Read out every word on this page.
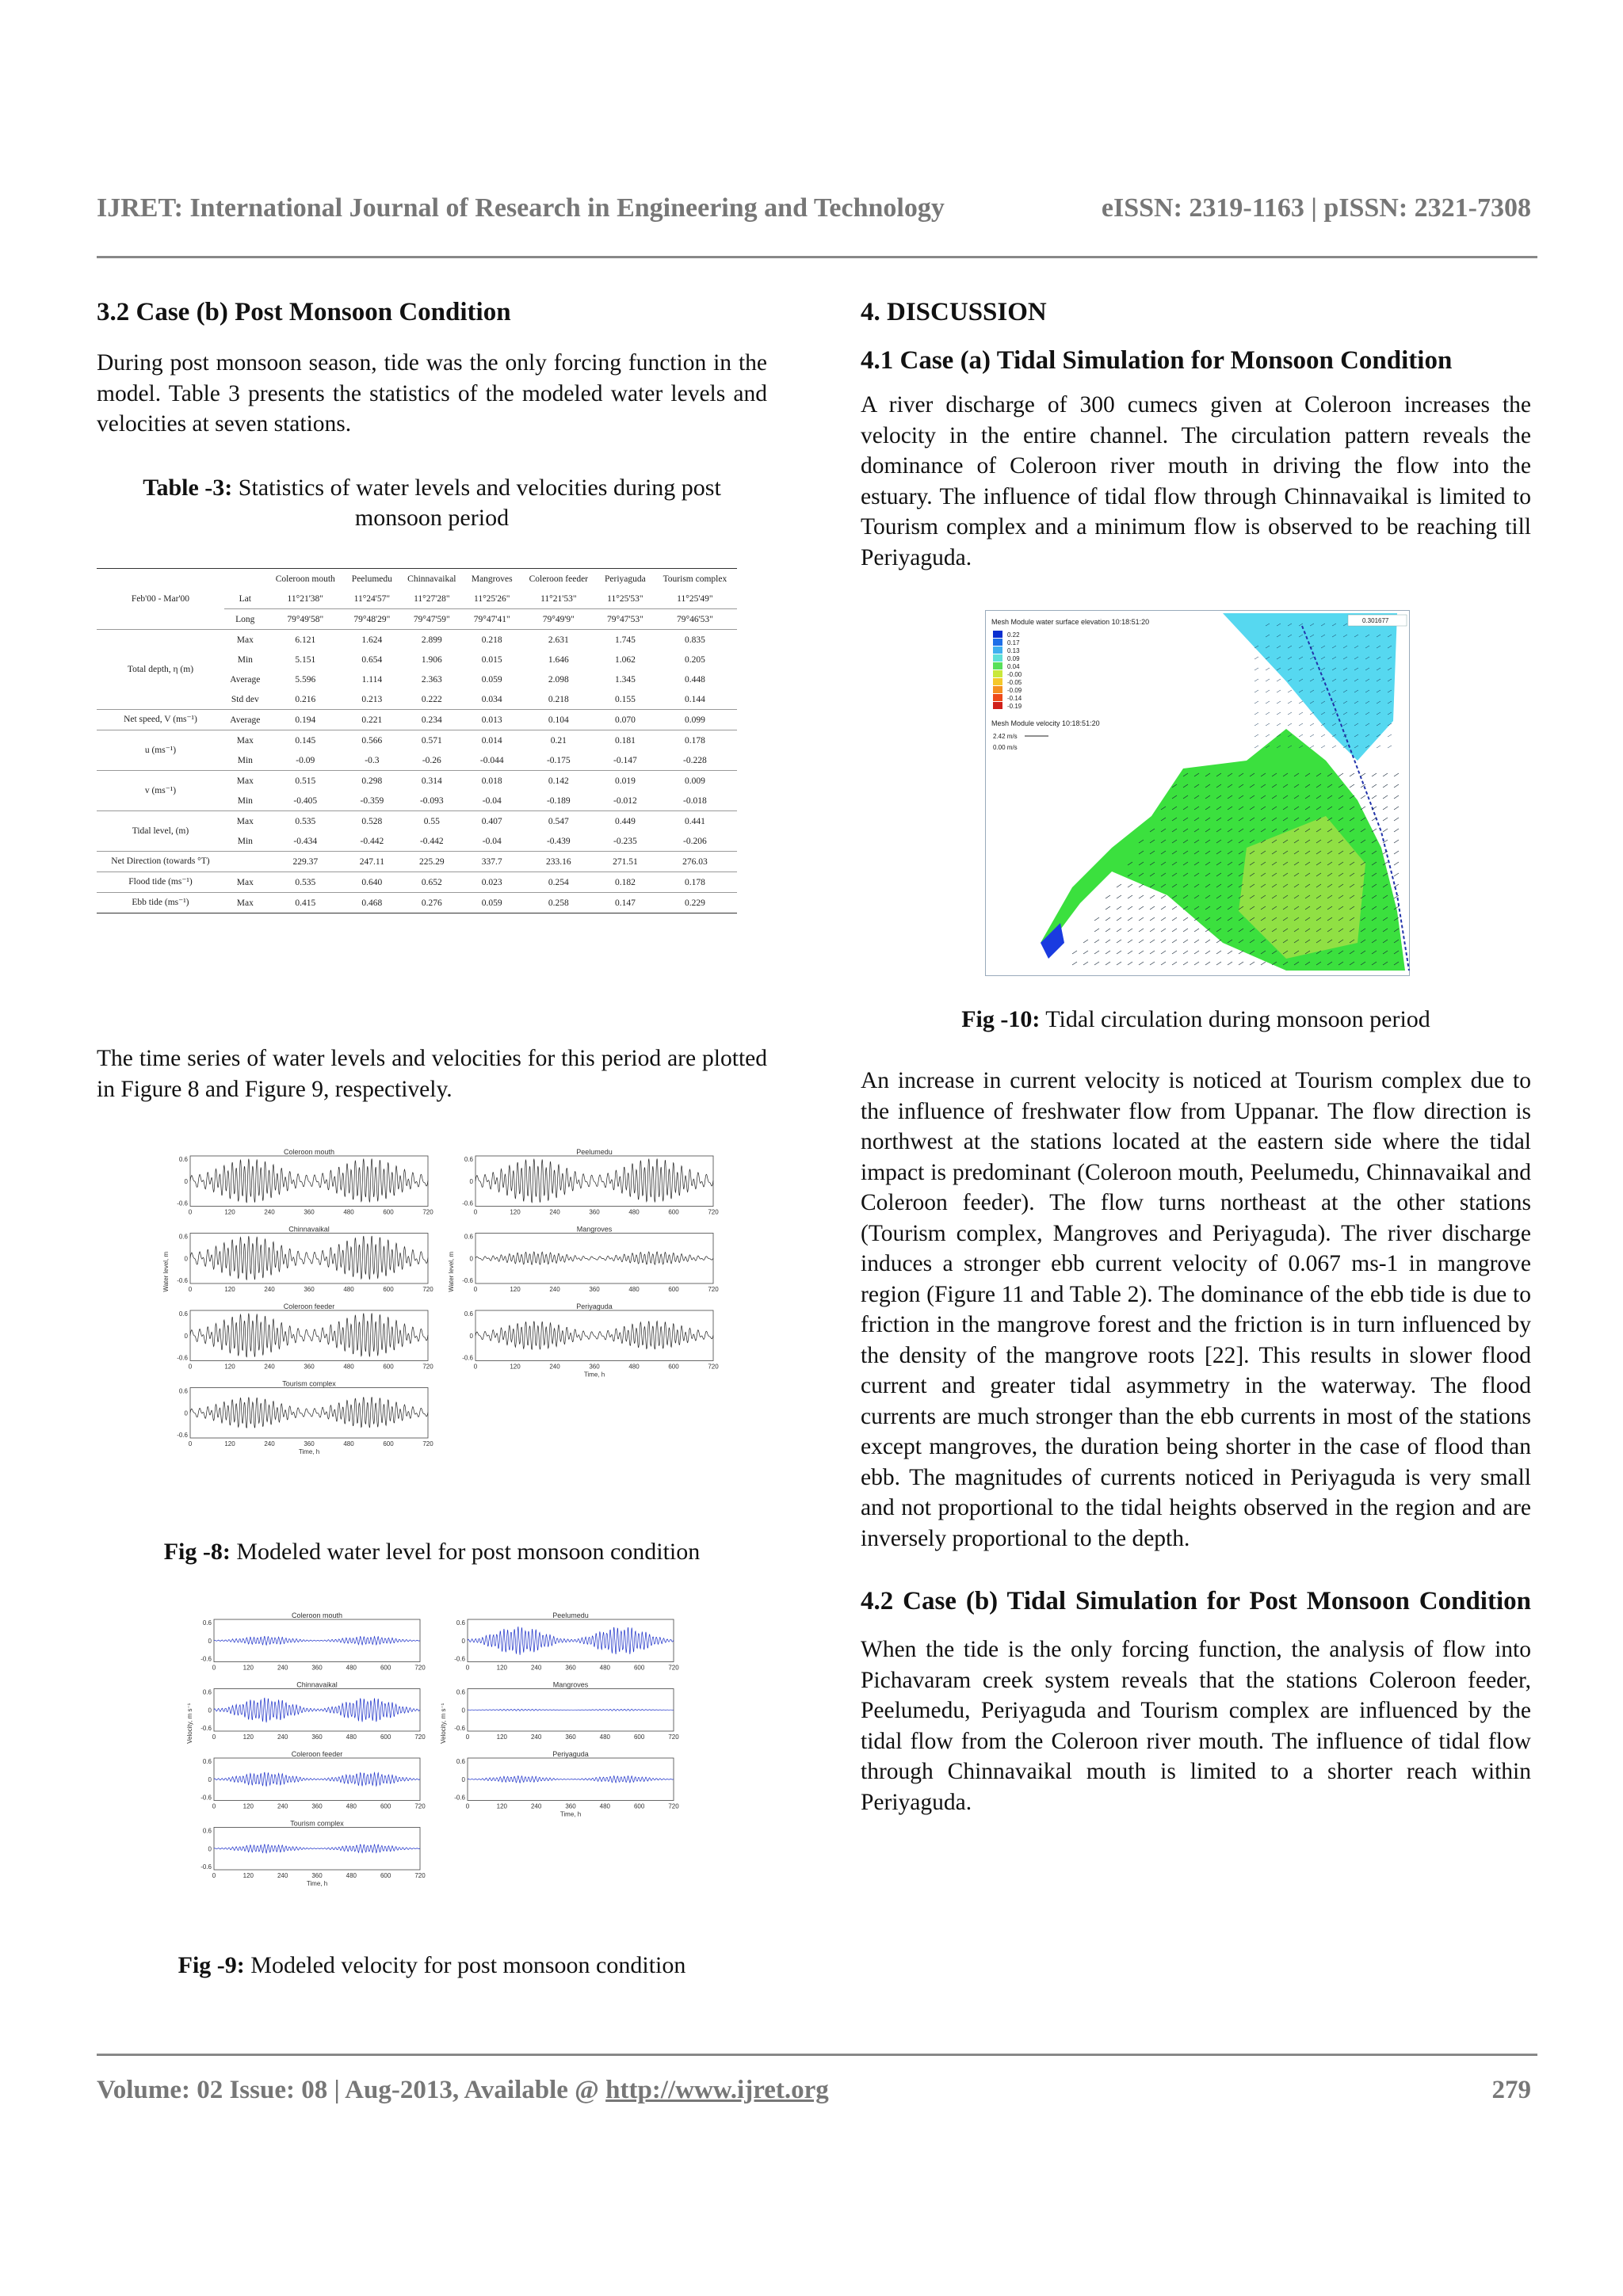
IJRET: International Journal of Research in Engineering and Technology	eISSN: 2319-1163 | pISSN: 2321-7308

3.2 Case (b) Post Monsoon Condition

During post monsoon season, tide was the only forcing function in the model. Table 3 presents the statistics of the modeled water levels and velocities at seven stations.

Table -3: Statistics of water levels and velocities during post monsoon period

Feb'00 - Mar'00		Coleroon mouth	Peelumedu	Chinnavaikal	Mangroves	Coleroon feeder	Periyaguda	Tourism complex
	Lat	11°21'38"	11°24'57"	11°27'28"	11°25'26"	11°21'53"	11°25'53"	11°25'49"
	Long	79°49'58"	79°48'29"	79°47'59"	79°47'41"	79°49'9"	79°47'53"	79°46'53"
Total depth, η (m)	Max	6.121	1.624	2.899	0.218	2.631	1.745	0.835
	Min	5.151	0.654	1.906	0.015	1.646	1.062	0.205
	Average	5.596	1.114	2.363	0.059	2.098	1.345	0.448
	Std dev	0.216	0.213	0.222	0.034	0.218	0.155	0.144
Net speed, V (ms⁻¹)	Average	0.194	0.221	0.234	0.013	0.104	0.070	0.099
u (ms⁻¹)	Max	0.145	0.566	0.571	0.014	0.21	0.181	0.178
	Min	-0.09	-0.3	-0.26	-0.044	-0.175	-0.147	-0.228
v (ms⁻¹)	Max	0.515	0.298	0.314	0.018	0.142	0.019	0.009
	Min	-0.405	-0.359	-0.093	-0.04	-0.189	-0.012	-0.018
Tidal level, (m)	Max	0.535	0.528	0.55	0.407	0.547	0.449	0.441
	Min	-0.434	-0.442	-0.442	-0.04	-0.439	-0.235	-0.206
Net Direction (towards °T)		229.37	247.11	225.29	337.7	233.16	271.51	276.03
Flood tide (ms⁻¹)	Max	0.535	0.640	0.652	0.023	0.254	0.182	0.178
Ebb tide (ms⁻¹)	Max	0.415	0.468	0.276	0.059	0.258	0.147	0.229

The time series of water levels and velocities for this period are plotted in Figure 8 and Figure 9, respectively.

Coleroon mouth
0.6
0
-0.6
0	120	240	360	480	600	720
Peelumedu
0.6
0
-0.6
0	120	240	360	480	600	720
Chinnavaikal
0.6
0
-0.6
0	120	240	360	480	600	720
Mangroves
0.6
0
-0.6
0	120	240	360	480	600	720
Coleroon feeder
0.6
0
-0.6
0	120	240	360	480	600	720
Periyaguda
0.6
0
-0.6
0	120	240	360	480	600	720
Time, h
Tourism complex
0.6
0
-0.6
0	120	240	360	480	600	720
Time, h
Water level, m	Water level, m

Fig -8: Modeled water level for post monsoon condition

Coleroon mouth
0.6
0
-0.6
0	120	240	360	480	600	720
Peelumedu
0.6
0
-0.6
0	120	240	360	480	600	720
Chinnavaikal
0.6
0
-0.6
0	120	240	360	480	600	720
Mangroves
0.6
0
-0.6
0	120	240	360	480	600	720
Coleroon feeder
0.6
0
-0.6
0	120	240	360	480	600	720
Periyaguda
0.6
0
-0.6
0	120	240	360	480	600	720
Time, h
Tourism complex
0.6
0
-0.6
0	120	240	360	480	600	720
Time, h
Velocity, m s⁻¹	Velocity, m s⁻¹

Fig -9: Modeled velocity for post monsoon condition

4. DISCUSSION

4.1 Case (a) Tidal Simulation for Monsoon Condition

A river discharge of 300 cumecs given at Coleroon increases the velocity in the entire channel. The circulation pattern reveals the dominance of Coleroon river mouth in driving the flow into the estuary. The influence of tidal flow through Chinnavaikal is limited to Tourism complex and a minimum flow is observed to be reaching till Periyaguda.

Mesh Module water surface elevation 10:18:51:20
0.22
0.17
0.13
0.09
0.04
-0.00
-0.05
-0.09
-0.14
-0.19
Mesh Module velocity 10:18:51:20
2.42 m/s
0.00 m/s
0.301677

Fig -10: Tidal circulation during monsoon period

An increase in current velocity is noticed at Tourism complex due to the influence of freshwater flow from Uppanar. The flow direction is northwest at the stations located at the eastern side where the tidal impact is predominant (Coleroon mouth, Peelumedu, Chinnavaikal and Coleroon feeder). The flow turns northeast at the other stations (Tourism complex, Mangroves and Periyaguda). The river discharge induces a stronger ebb current velocity of 0.067 ms-1 in mangrove region (Figure 11 and Table 2). The dominance of the ebb tide is due to friction in the mangrove forest and the friction is in turn influenced by the density of the mangrove roots [22]. This results in slower flood current and greater tidal asymmetry in the waterway. The flood currents are much stronger than the ebb currents in most of the stations except mangroves, the duration being shorter in the case of flood than ebb. The magnitudes of currents noticed in Periyaguda is very small and not proportional to the tidal heights observed in the region and are inversely proportional to the depth.

4.2 Case (b) Tidal Simulation for Post Monsoon Condition

When the tide is the only forcing function, the analysis of flow into Pichavaram creek system reveals that the stations Coleroon feeder, Peelumedu, Periyaguda and Tourism complex are influenced by the tidal flow from the Coleroon river mouth. The influence of tidal flow through Chinnavaikal mouth is limited to a shorter reach within Periyaguda.

Volume: 02 Issue: 08 | Aug-2013, Available @ http://www.ijret.org	279
